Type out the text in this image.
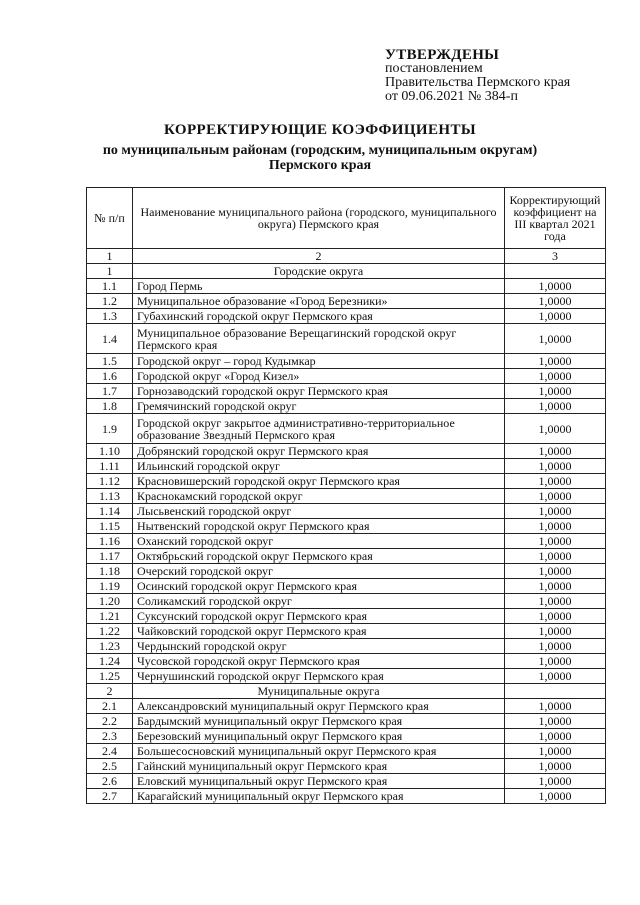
УТВЕРЖДЕНЫ
постановлением
Правительства Пермского края
от 09.06.2021 № 384-п
КОРРЕКТИРУЮЩИЕ КОЭФФИЦИЕНТЫ
по муниципальным районам (городским, муниципальным округам)
Пермского края
№ п/п	Наименование муниципального района (городского, муниципального округа) Пермского края	Корректирующий коэффициент на III квартал 2021 года
1	2	3
1	Городские округа	
1.1	Город Пермь	1,0000
1.2	Муниципальное образование «Город Березники»	1,0000
1.3	Губахинский городской округ Пермского края	1,0000
1.4	Муниципальное образование Верещагинский городской округ Пермского края	1,0000
1.5	Городской округ – город Кудымкар	1,0000
1.6	Городской округ «Город Кизел»	1,0000
1.7	Горнозаводский городской округ Пермского края	1,0000
1.8	Гремячинский городской округ	1,0000
1.9	Городской округ закрытое административно-территориальное образование Звездный Пермского края	1,0000
1.10	Добрянский городской округ Пермского края	1,0000
1.11	Ильинский городской округ	1,0000
1.12	Красновишерский городской округ Пермского края	1,0000
1.13	Краснокамский городской округ	1,0000
1.14	Лысьвенский городской округ	1,0000
1.15	Нытвенский городской округ Пермского края	1,0000
1.16	Оханский городской округ	1,0000
1.17	Октябрьский городской округ Пермского края	1,0000
1.18	Очерский городской округ	1,0000
1.19	Осинский городской округ Пермского края	1,0000
1.20	Соликамский городской округ	1,0000
1.21	Суксунский городской округ Пермского края	1,0000
1.22	Чайковский городской округ Пермского края	1,0000
1.23	Чердынский городской округ	1,0000
1.24	Чусовской городской округ Пермского края	1,0000
1.25	Чернушинский городской округ Пермского края	1,0000
2	Муниципальные округа	
2.1	Александровский муниципальный округ Пермского края	1,0000
2.2	Бардымский муниципальный округ Пермского края	1,0000
2.3	Березовский муниципальный округ Пермского края	1,0000
2.4	Большесосновский муниципальный округ Пермского края	1,0000
2.5	Гайнский муниципальный округ Пермского края	1,0000
2.6	Еловский муниципальный округ Пермского края	1,0000
2.7	Карагайский муниципальный округ Пермского края	1,0000
